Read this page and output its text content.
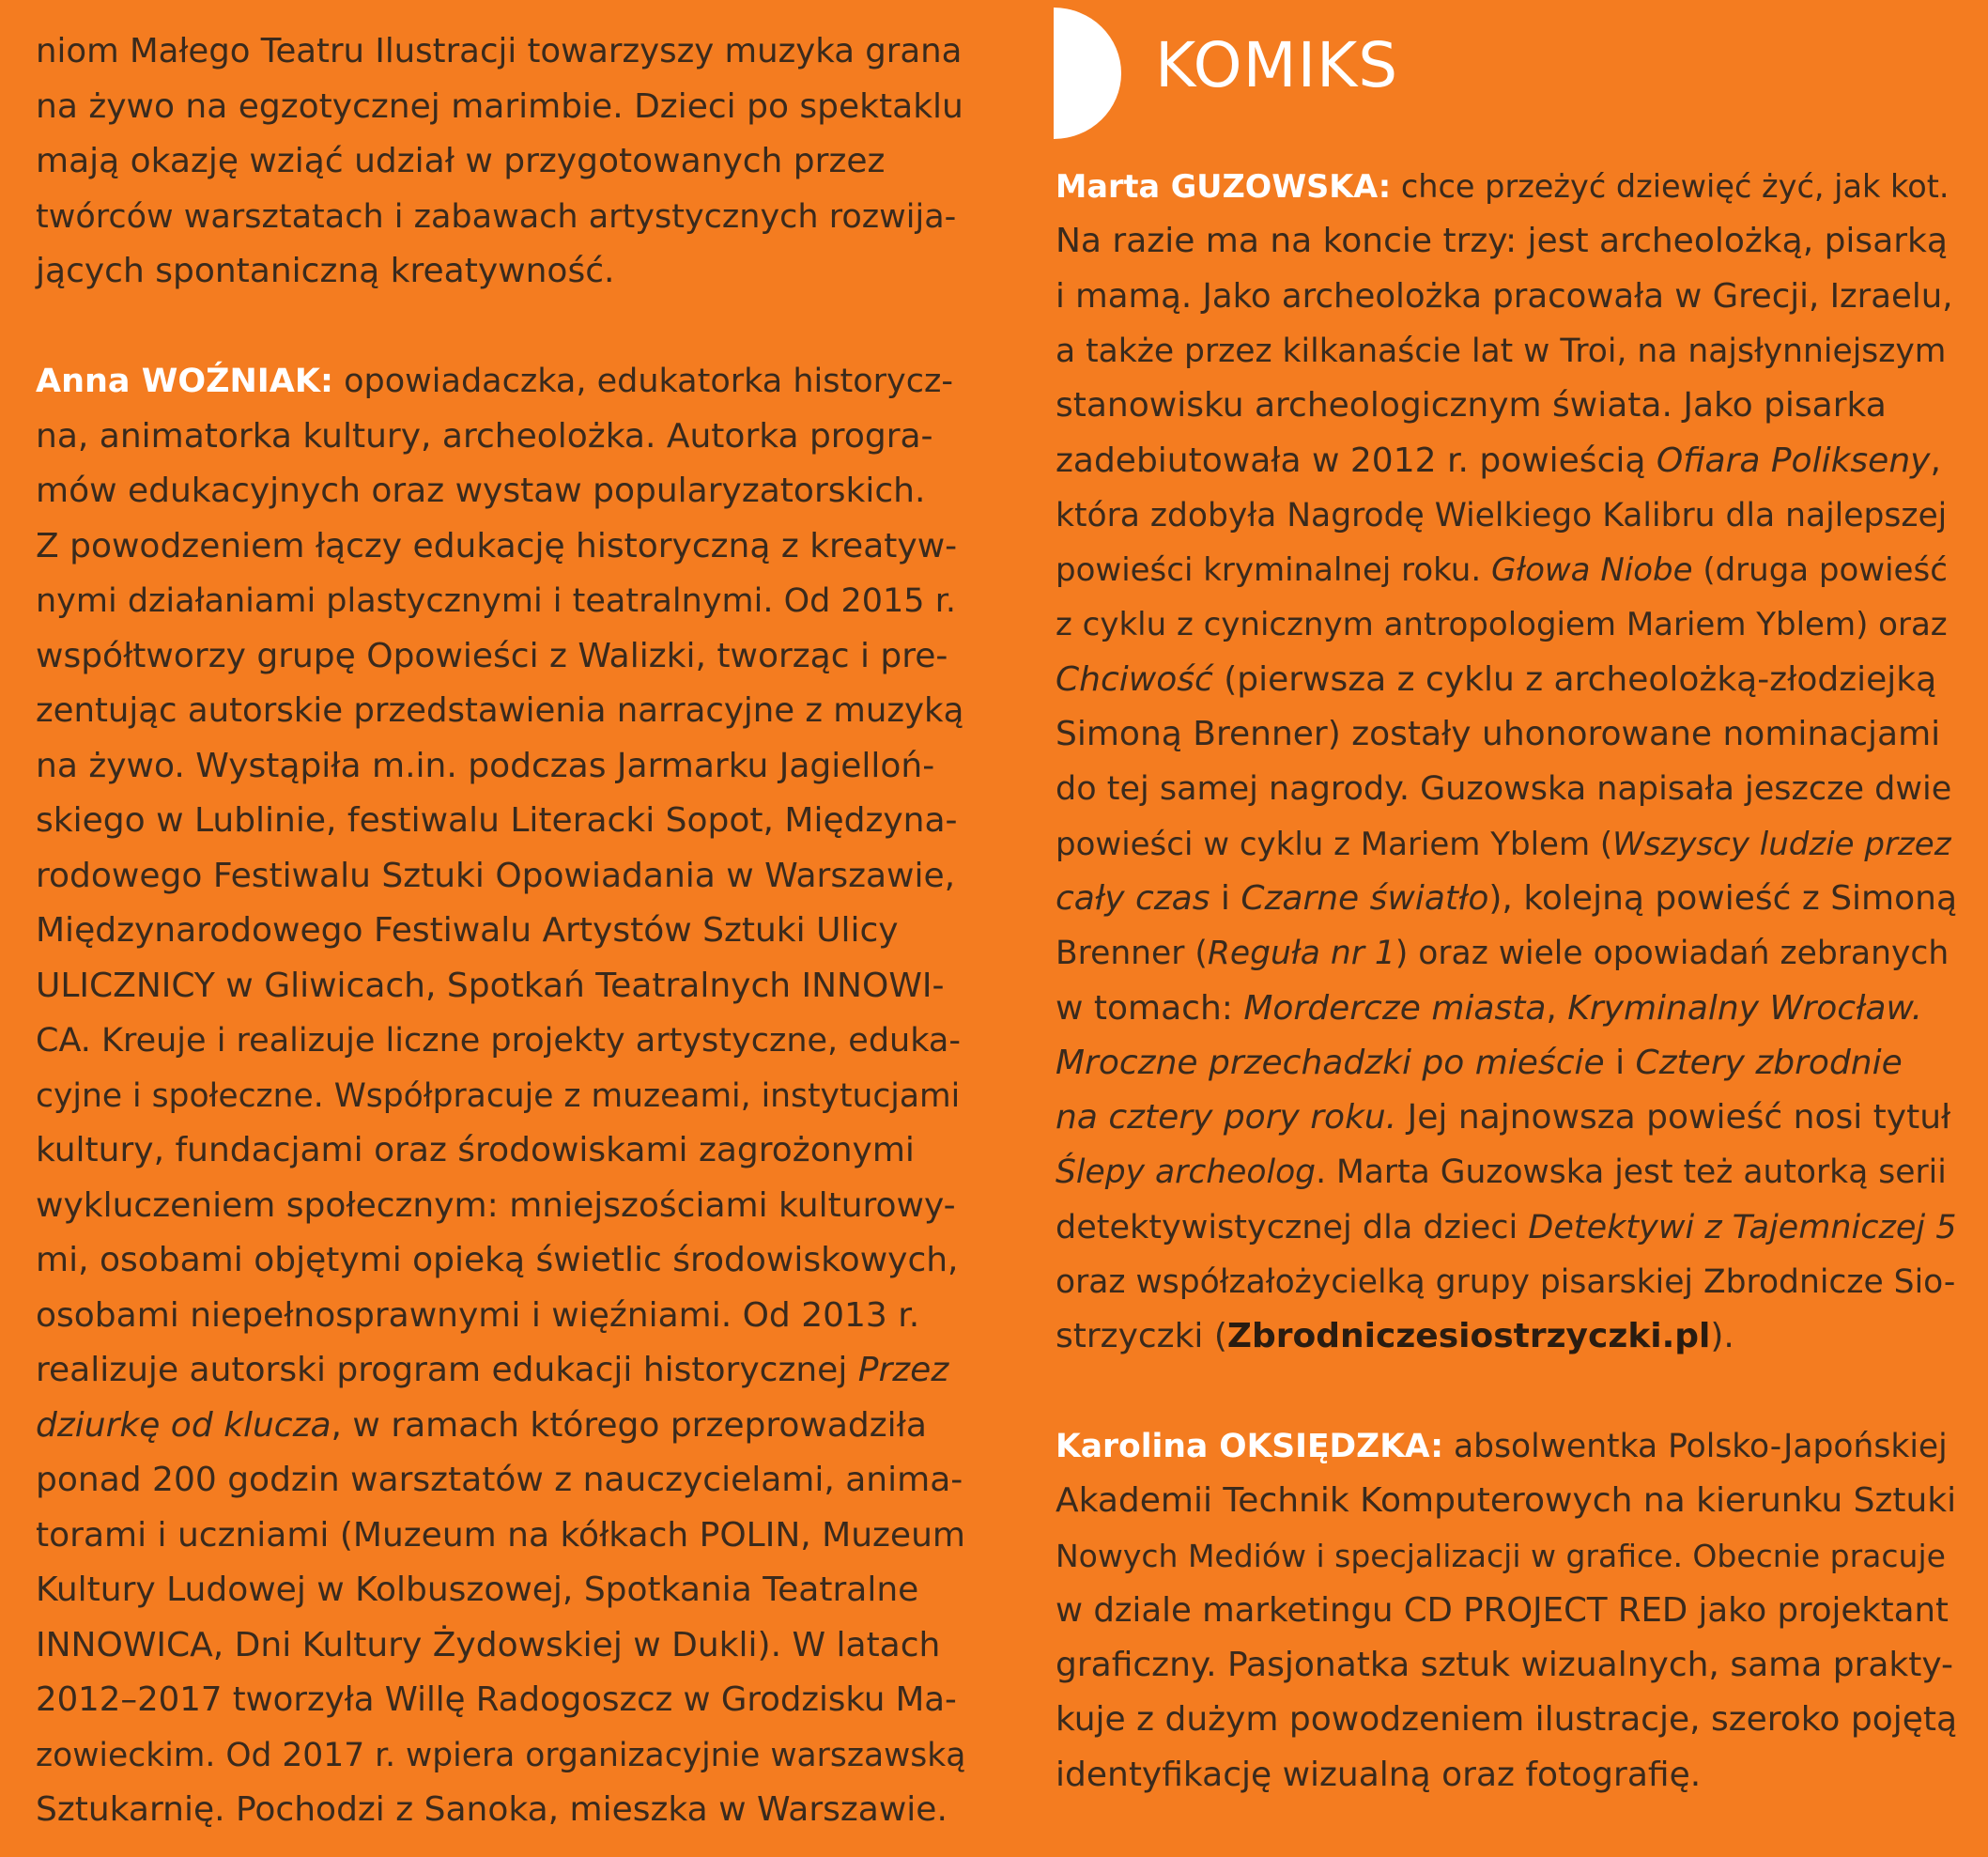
niom Małego Teatru Ilustracji towarzyszy muzyka grana
na żywo na egzotycznej marimbie. Dzieci po spektaklu
mają okazję wziąć udział w przygotowanych przez
twórców warsztatach i zabawach artystycznych rozwija-
jących spontaniczną kreatywność.
Anna WOŹNIAK: opowiadaczka, edukatorka historycz-
na, animatorka kultury, archeolożka. Autorka progra-
mów edukacyjnych oraz wystaw popularyzatorskich.
Z powodzeniem łączy edukację historyczną z kreatyw-
nymi działaniami plastycznymi i teatralnymi. Od 2015 r.
współtworzy grupę Opowieści z Walizki, tworząc i pre-
zentując autorskie przedstawienia narracyjne z muzyką
na żywo. Wystąpiła m.in. podczas Jarmarku Jagielloń-
skiego w Lublinie, festiwalu Literacki Sopot, Międzyna-
rodowego Festiwalu Sztuki Opowiadania w Warszawie,
Międzynarodowego Festiwalu Artystów Sztuki Ulicy
ULICZNICY w Gliwicach, Spotkań Teatralnych INNOWI-
CA. Kreuje i realizuje liczne projekty artystyczne, eduka-
cyjne i społeczne. Współpracuje z muzeami, instytucjami
kultury, fundacjami oraz środowiskami zagrożonymi
wykluczeniem społecznym: mniejszościami kulturowy-
mi, osobami objętymi opieką świetlic środowiskowych,
osobami niepełnosprawnymi i więźniami. Od 2013 r.
realizuje autorski program edukacji historycznej Przez
dziurkę od klucza, w ramach którego przeprowadziła
ponad 200 godzin warsztatów z nauczycielami, anima-
torami i uczniami (Muzeum na kółkach POLIN, Muzeum
Kultury Ludowej w Kolbuszowej, Spotkania Teatralne
INNOWICA, Dni Kultury Żydowskiej w Dukli). W latach
2012–2017 tworzyła Willę Radogoszcz w Grodzisku Ma-
zowieckim. Od 2017 r. wpiera organizacyjnie warszawską
Sztukarnię. Pochodzi z Sanoka, mieszka w Warszawie.
KOMIKS
Marta GUZOWSKA: chce przeżyć dziewięć żyć, jak kot.
Na razie ma na koncie trzy: jest archeolożką, pisarką
i mamą. Jako archeolożka pracowała w Grecji, Izraelu,
a także przez kilkanaście lat w Troi, na najsłynniejszym
stanowisku archeologicznym świata. Jako pisarka
zadebiutowała w 2012 r. powieścią Ofiara Polikseny,
która zdobyła Nagrodę Wielkiego Kalibru dla najlepszej
powieści kryminalnej roku. Głowa Niobe (druga powieść
z cyklu z cynicznym antropologiem Mariem Yblem) oraz
Chciwość (pierwsza z cyklu z archeolożką-złodziejką
Simoną Brenner) zostały uhonorowane nominacjami
do tej samej nagrody. Guzowska napisała jeszcze dwie
powieści w cyklu z Mariem Yblem (Wszyscy ludzie przez
cały czas i Czarne światło), kolejną powieść z Simoną
Brenner (Reguła nr 1) oraz wiele opowiadań zebranych
w tomach: Mordercze miasta, Kryminalny Wrocław.
Mroczne przechadzki po mieście i Cztery zbrodnie
na cztery pory roku. Jej najnowsza powieść nosi tytuł
Ślepy archeolog. Marta Guzowska jest też autorką serii
detektywistycznej dla dzieci Detektywi z Tajemniczej 5
oraz współzałożycielką grupy pisarskiej Zbrodnicze Sio-
strzyczki (Zbrodniczesiostrzyczki.pl).
Karolina OKSIĘDZKA: absolwentka Polsko-Japońskiej
Akademii Technik Komputerowych na kierunku Sztuki
Nowych Mediów i specjalizacji w grafice. Obecnie pracuje
w dziale marketingu CD PROJECT RED jako projektant
graficzny. Pasjonatka sztuk wizualnych, sama prakty-
kuje z dużym powodzeniem ilustracje, szeroko pojętą
identyfikację wizualną oraz fotografię.
